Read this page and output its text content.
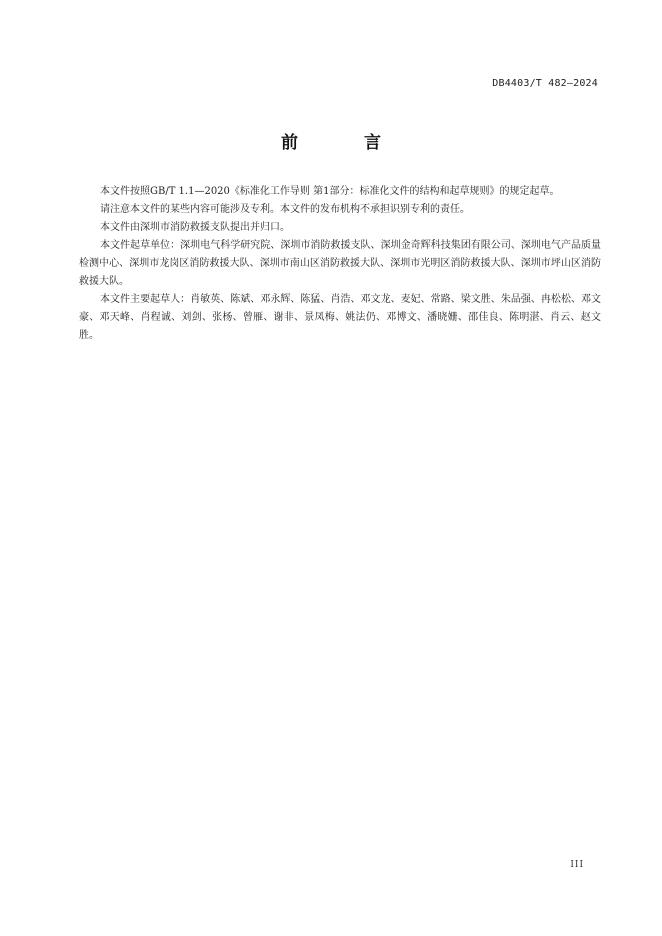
DB4403/T 482—2024
前 言

本文件按照GB/T 1.1—2020《标准化工作导则 第1部分：标准化文件的结构和起草规则》的规定起草。

请注意本文件的某些内容可能涉及专利。本文件的发布机构不承担识别专利的责任。

本文件由深圳市消防救援支队提出并归口。

本文件起草单位：深圳电气科学研究院、深圳市消防救援支队、深圳金奇辉科技集团有限公司、深圳电气产品质量检测中心、深圳市龙岗区消防救援大队、深圳市南山区消防救援大队、深圳市光明区消防救援大队、深圳市坪山区消防救援大队。

本文件主要起草人：肖敏英、陈斌、邓永辉、陈猛、肖浩、邓文龙、麦妃、常路、梁文胜、朱品强、冉松松、邓文豪、邓天峰、肖程诚、刘剑、张杨、曾雁、谢非、景凤梅、姚法仍、邓博文、潘晓姗、邵佳良、陈明湛、肖云、赵文胜。

III
